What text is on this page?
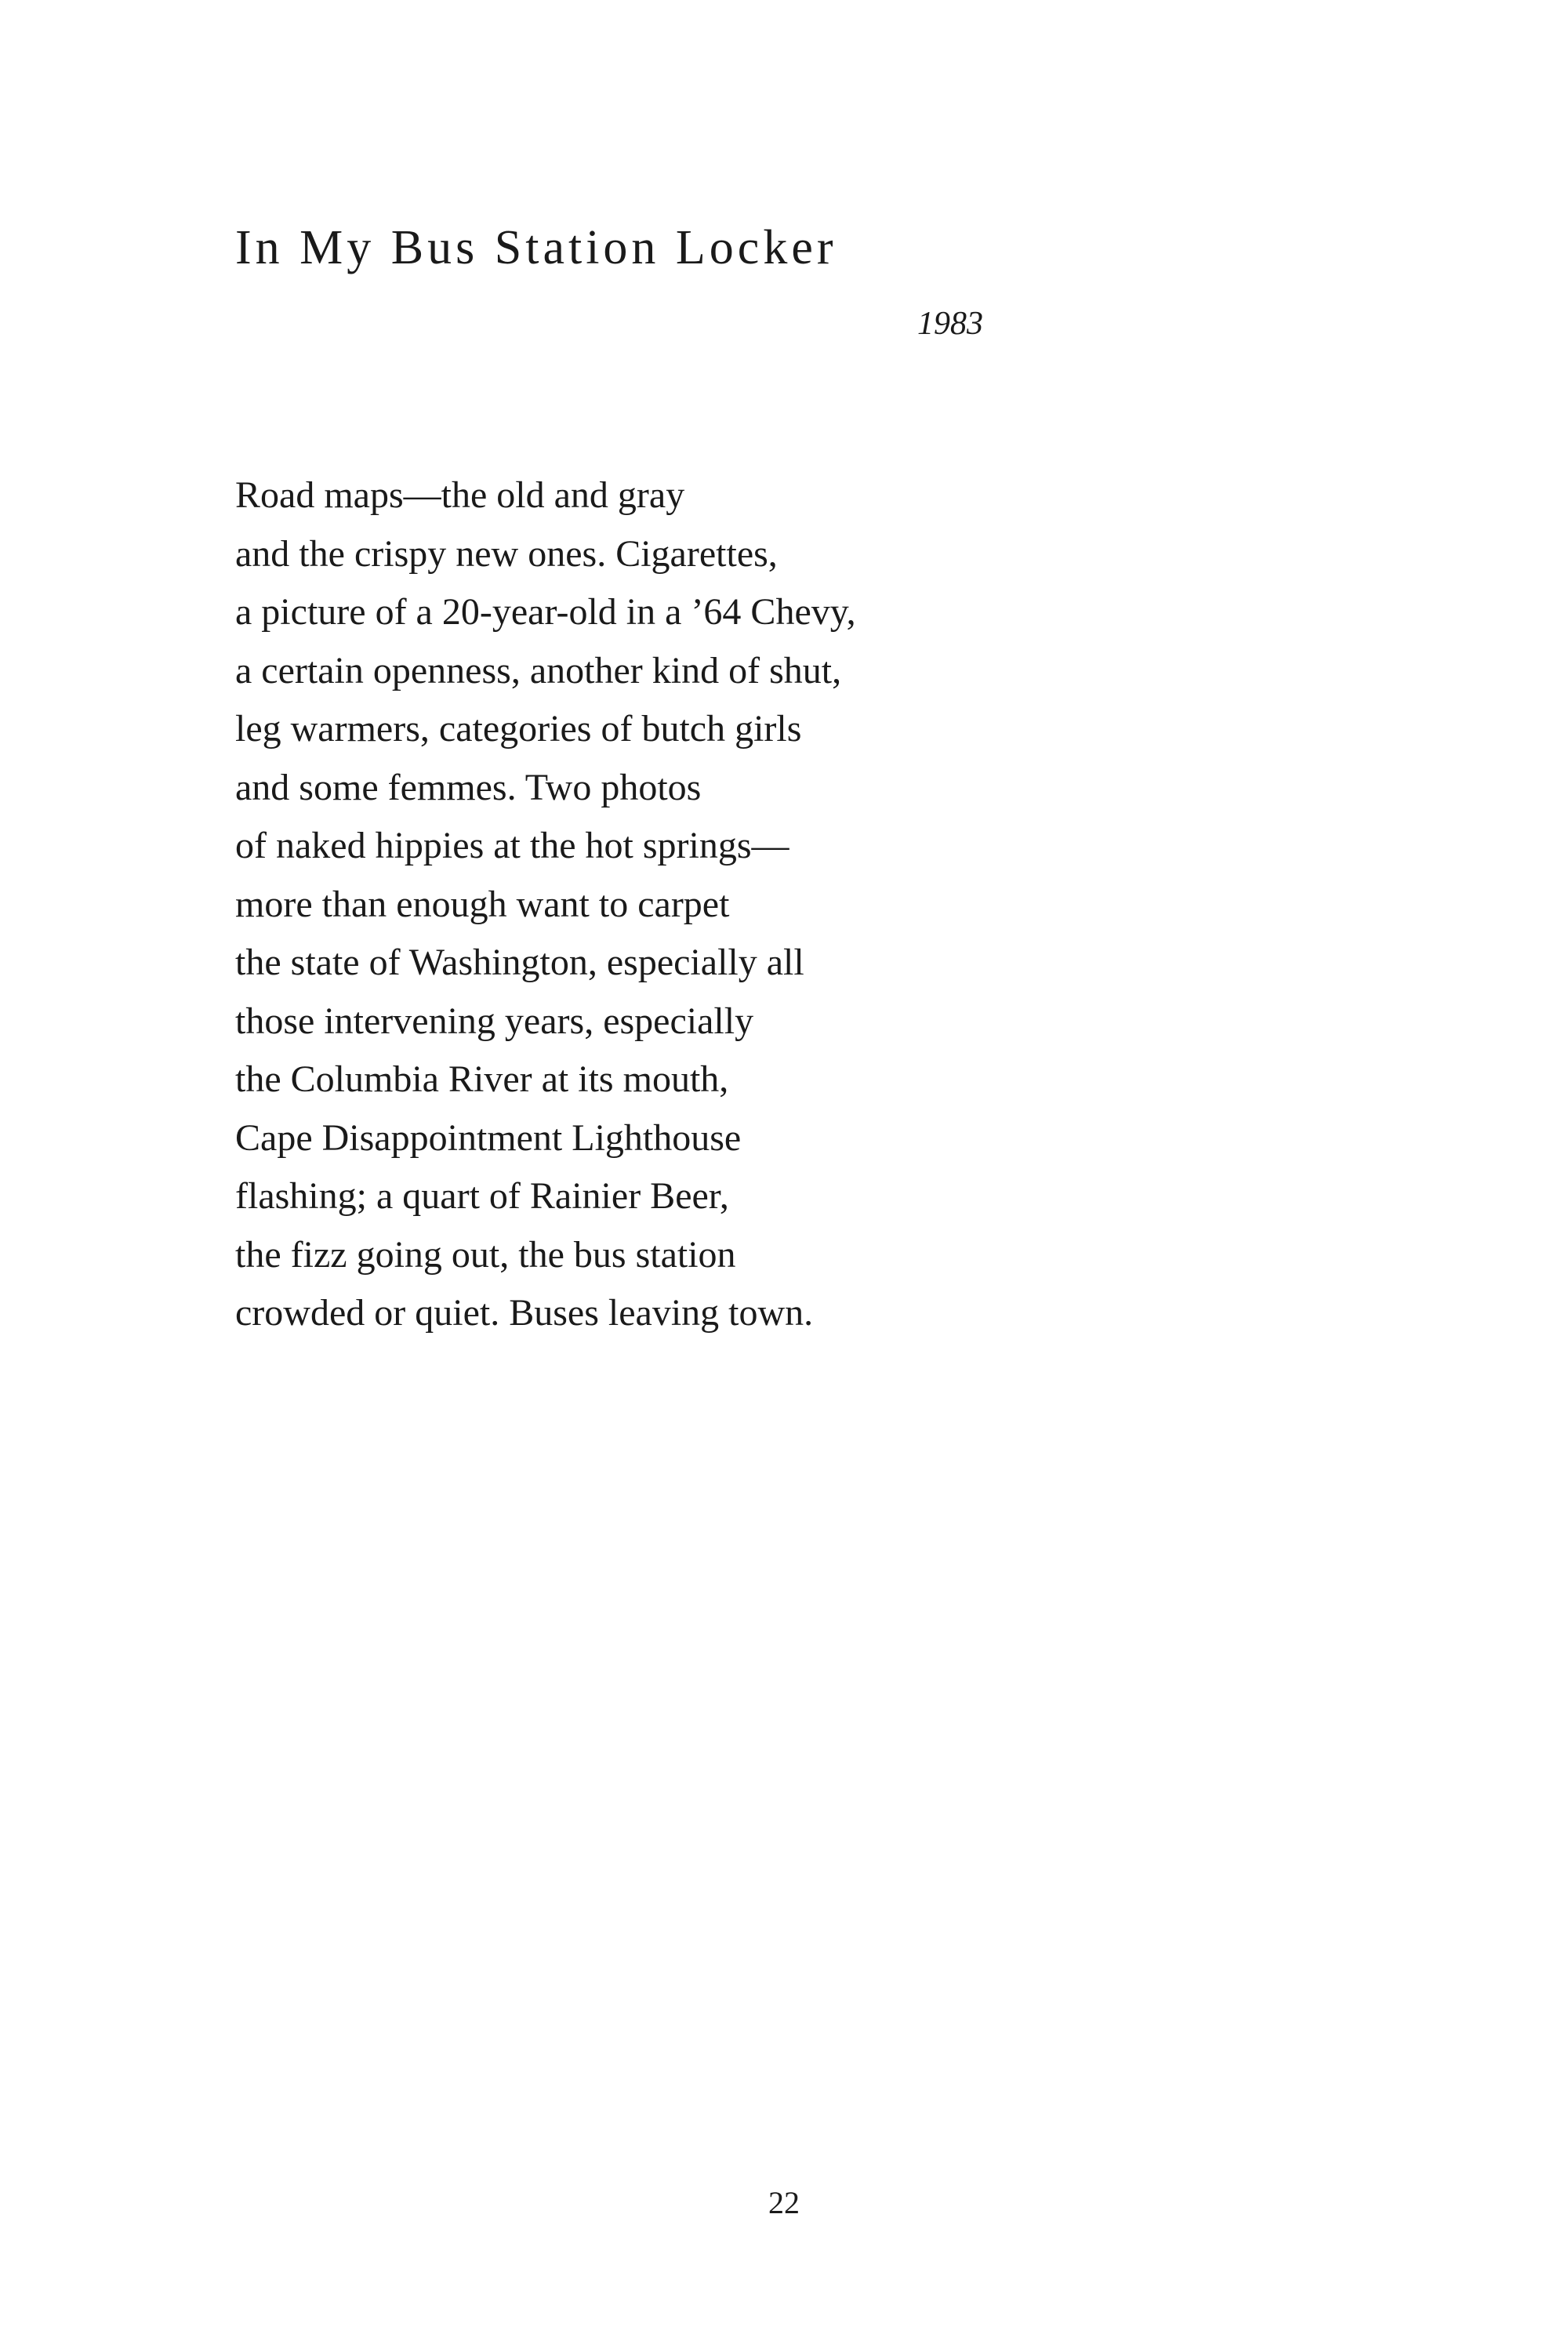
In My Bus Station Locker
1983
Road maps—the old and gray
and the crispy new ones. Cigarettes,
a picture of a 20-year-old in a ’64 Chevy,
a certain openness, another kind of shut,
leg warmers, categories of butch girls
and some femmes. Two photos
of naked hippies at the hot springs—
more than enough want to carpet
the state of Washington, especially all
those intervening years, especially
the Columbia River at its mouth,
Cape Disappointment Lighthouse
flashing; a quart of Rainier Beer,
the fizz going out, the bus station
crowded or quiet. Buses leaving town.
22
